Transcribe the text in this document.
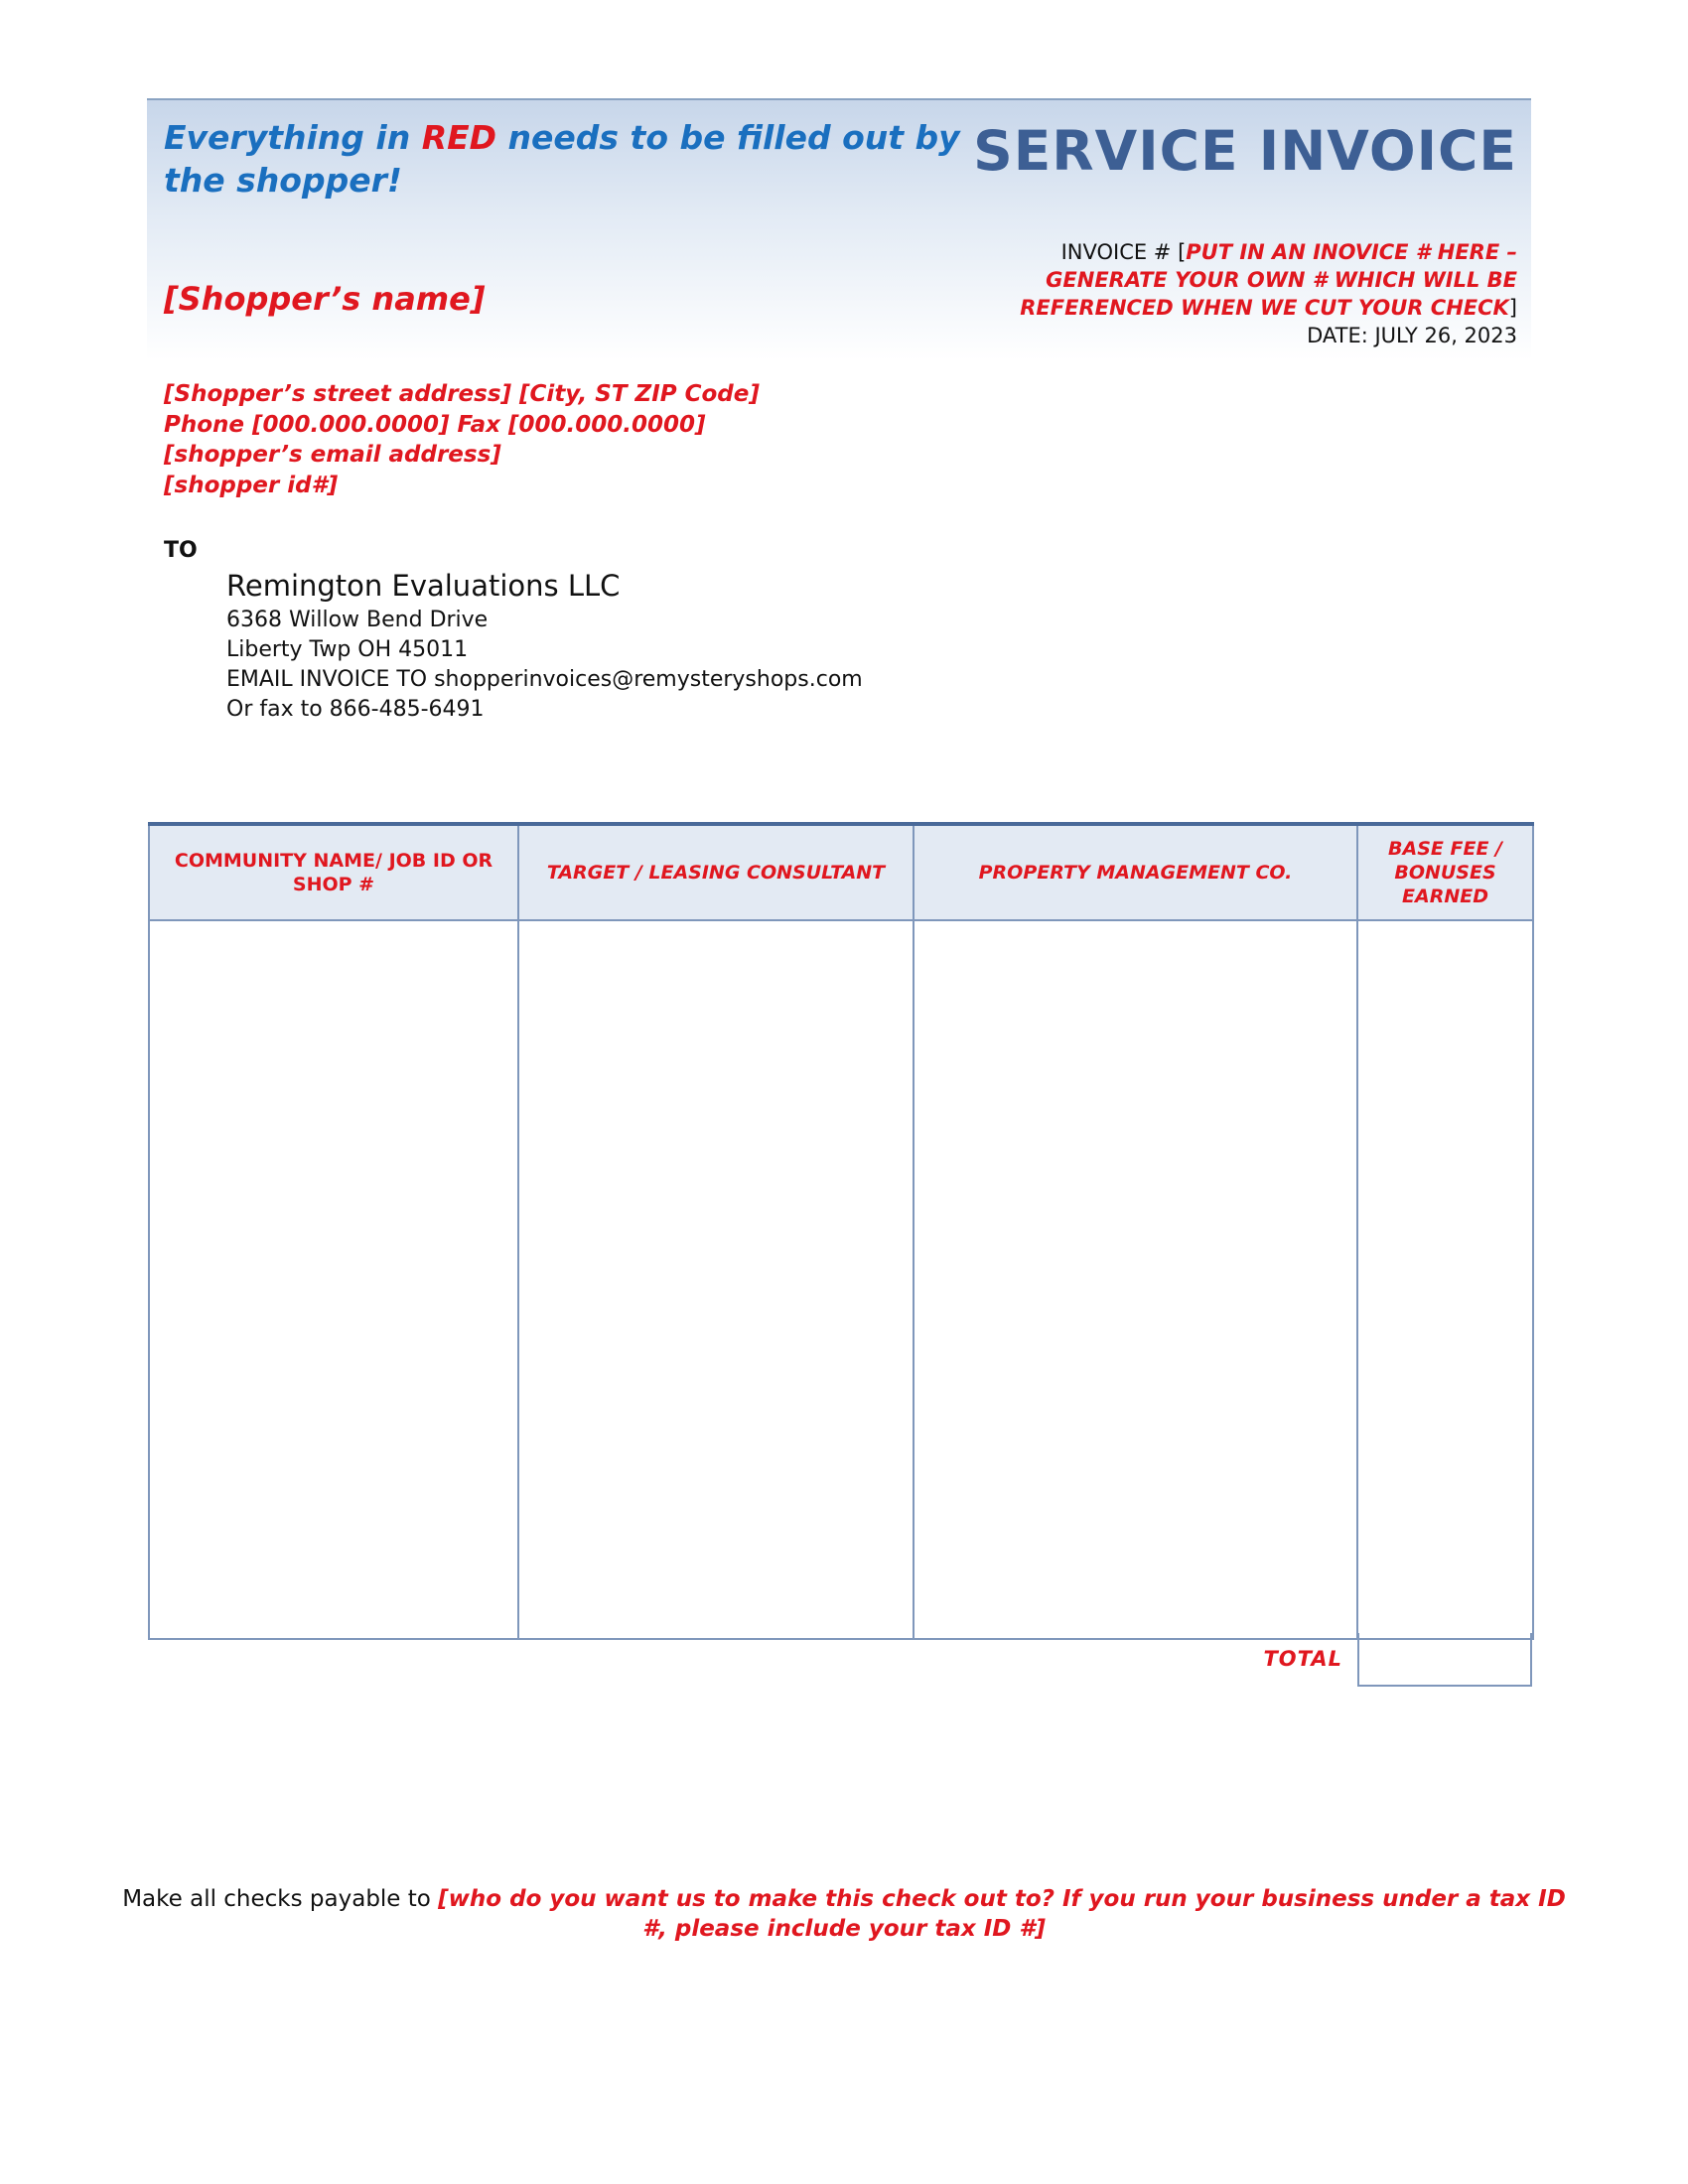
Everything in RED needs to be filled out by the shopper!	SERVICE INVOICE
[Shopper’s name]
INVOICE # [PUT IN AN INOVICE # HERE – GENERATE YOUR OWN # WHICH WILL BE REFERENCED WHEN WE CUT YOUR CHECK]
DATE: JULY 26, 2023
[Shopper’s street address] [City, ST ZIP Code]
Phone [000.000.0000] Fax [000.000.0000]
[shopper’s email address]
[shopper id#]
TO
Remington Evaluations LLC
6368 Willow Bend Drive
Liberty Twp OH 45011
EMAIL INVOICE TO shopperinvoices@remysteryshops.com
Or fax to 866-485-6491
COMMUNITY NAME/ JOB ID OR SHOP #	TARGET / LEASING CONSULTANT	PROPERTY MANAGEMENT CO.	BASE FEE / BONUSES EARNED

TOTAL
Make all checks payable to [who do you want us to make this check out to? If you run your business under a tax ID #, please include your tax ID #]
